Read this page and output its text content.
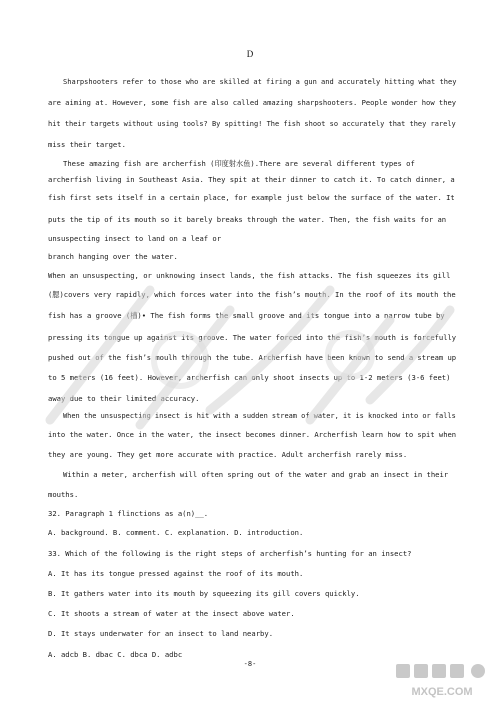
D
Sharpshooters refer to those who are skilled at firing a gun and accurately hitting what they
are aiming at. However, some fish are also called amazing sharpshooters. People wonder how they
hit their targets without using tools? By spitting! The fish shoot so accurately that they rarely
miss their target.
These amazing fish are archerfish (印度射水鱼).There are several different types of
archerfish living in Southeast Asia. They spit at their dinner to catch it. To catch dinner, a
fish first sets itself in a certain place, for example just below the surface of the water. It
puts the tip of its mouth so it barely breaks through the water. Then, the fish waits for an
unsuspecting insect to land on a leaf or
branch hanging over the water.
When an unsuspecting, or unknowing insect lands, the fish attacks. The fish squeezes its gill
(腮)covers very rapidly, which forces water into the fish’s mouth. In the roof of its mouth the
fish has a groove (槽)• The fish forms the small groove and its tongue into a narrow tube by
pressing its tongue up against its groove. The water forced into the fish’s mouth is forcefully
pushed out of the fish’s moulh through the tube. Archerfish have been known to send a stream up
to 5 meters (16 feet). However, archerfish can only shoot insects up to 1-2 meters (3-6 feet)
away due to their limited accuracy.
When the unsuspecting insect is hit with a sudden stream of water, it is knocked into or falls
into the water. Once in the water, the insect becomes dinner. Archerfish learn how to spit when
they are young. They get more accurate with practice. Adult archerfish rarely miss.
Within a meter, archerfish will often spring out of the water and grab an insect in their
mouths.
32. Paragraph 1 flinctions as a(n)__.
A. background. B. comment. C. explanation. D. introduction.
33. Which of the following is the right steps of archerfish’s hunting for an insect?
A. It has its tongue pressed against the roof of its mouth.
B. It gathers water into its mouth by squeezing its gill covers quickly.
C. It shoots a stream of water at the insect above water.
D. It stays underwater for an insect to land nearby.
A. adcb B. dbac C. dbca D. adbc
-8-
MXQE.COM
